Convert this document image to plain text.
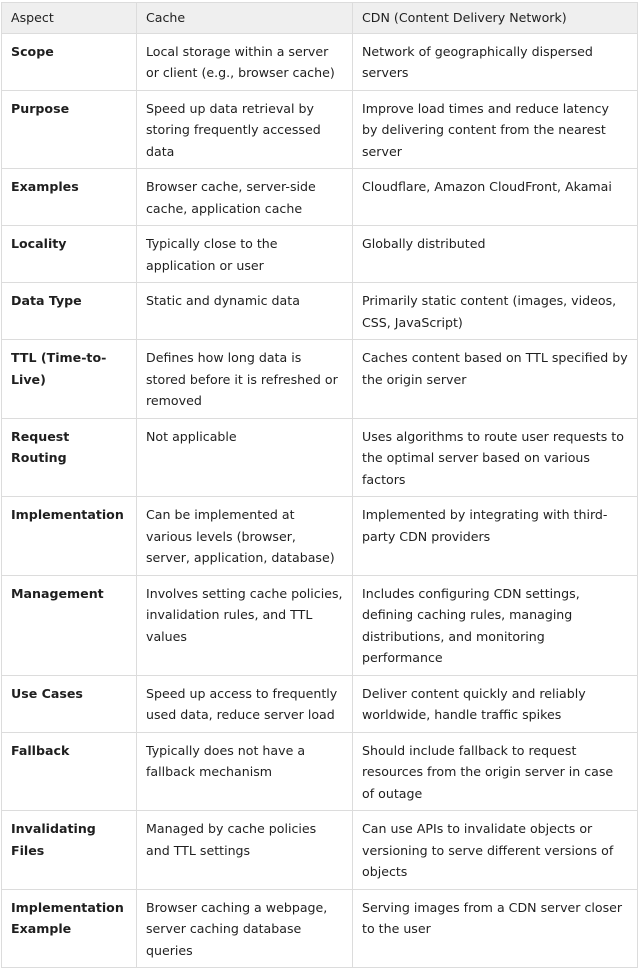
Aspect	Cache	CDN (Content Delivery Network)
Scope	Local storage within a server or client (e.g., browser cache)	Network of geographically dispersed servers
Purpose	Speed up data retrieval by storing frequently accessed data	Improve load times and reduce latency by delivering content from the nearest server
Examples	Browser cache, server-side cache, application cache	Cloudflare, Amazon CloudFront, Akamai
Locality	Typically close to the application or user	Globally distributed
Data Type	Static and dynamic data	Primarily static content (images, videos, CSS, JavaScript)
TTL (Time-to-Live)	Defines how long data is stored before it is refreshed or removed	Caches content based on TTL specified by the origin server
Request Routing	Not applicable	Uses algorithms to route user requests to the optimal server based on various factors
Implementation	Can be implemented at various levels (browser, server, application, database)	Implemented by integrating with third-party CDN providers
Management	Involves setting cache policies, invalidation rules, and TTL values	Includes configuring CDN settings, defining caching rules, managing distributions, and monitoring performance
Use Cases	Speed up access to frequently used data, reduce server load	Deliver content quickly and reliably worldwide, handle traffic spikes
Fallback	Typically does not have a fallback mechanism	Should include fallback to request resources from the origin server in case of outage
Invalidating Files	Managed by cache policies and TTL settings	Can use APIs to invalidate objects or versioning to serve different versions of objects
Implementation Example	Browser caching a webpage, server caching database queries	Serving images from a CDN server closer to the user
